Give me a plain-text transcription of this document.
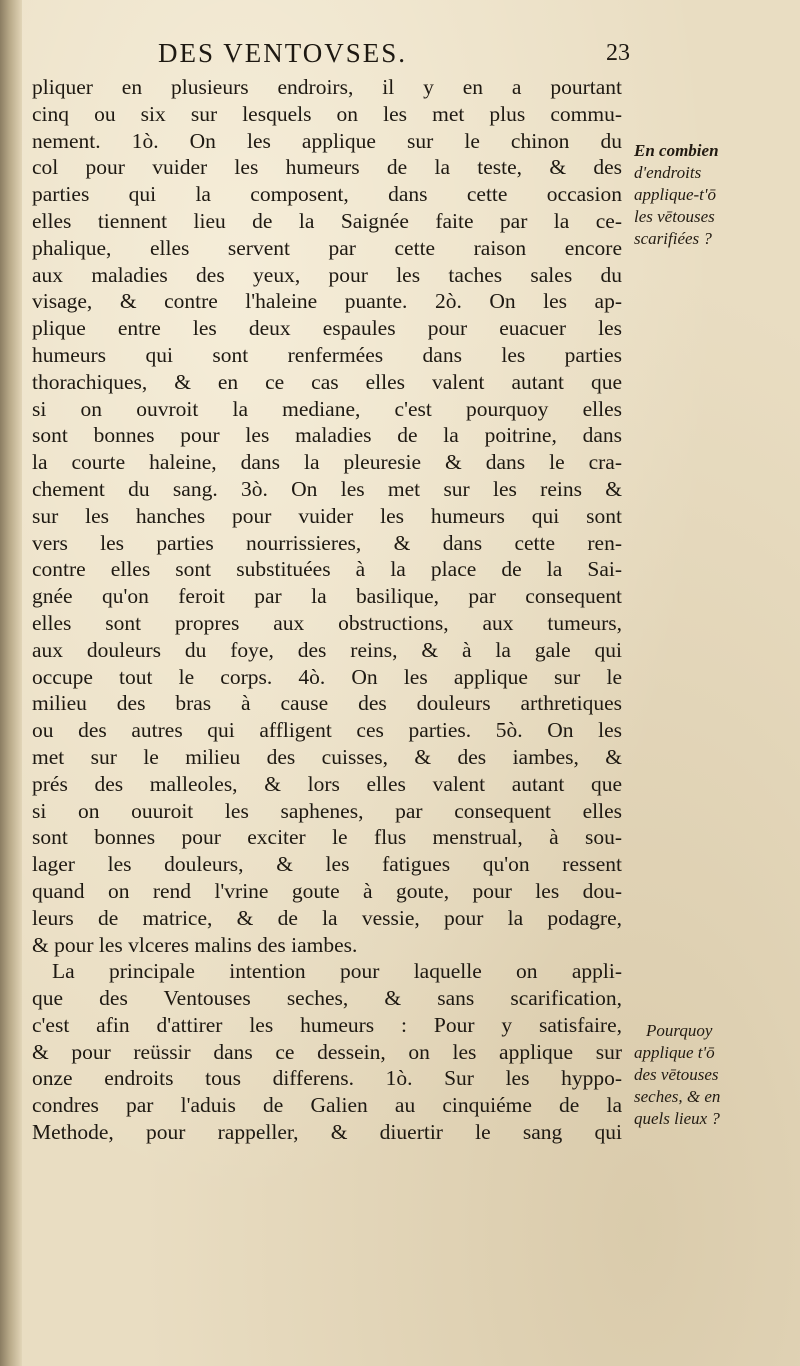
DES VENTOVSES.	23
pliquer en plusieurs endroirs, il y en a pourtant
cinq ou six sur lesquels on les met plus commu-
nement. 1ò. On les applique sur le chinon du
col pour vuider les humeurs de la teste, & des
parties qui la composent, dans cette occasion
elles tiennent lieu de la Saignée faite par la ce-
phalique, elles servent par cette raison encore
aux maladies des yeux, pour les taches sales du
visage, & contre l'haleine puante. 2ò. On les ap-
plique entre les deux espaules pour euacuer les
humeurs qui sont renfermées dans les parties
thorachiques, & en ce cas elles valent autant que
si on ouvroit la mediane, c'est pourquoy elles
sont bonnes pour les maladies de la poitrine, dans
la courte haleine, dans la pleuresie & dans le cra-
chement du sang. 3ò. On les met sur les reins &
sur les hanches pour vuider les humeurs qui sont
vers les parties nourrissieres, & dans cette ren-
contre elles sont substituées à la place de la Sai-
gnée qu'on feroit par la basilique, par consequent
elles sont propres aux obstructions, aux tumeurs,
aux douleurs du foye, des reins, & à la gale qui
occupe tout le corps. 4ò. On les applique sur le
milieu des bras à cause des douleurs arthretiques
ou des autres qui affligent ces parties. 5ò. On les
met sur le milieu des cuisses, & des iambes, &
prés des malleoles, & lors elles valent autant que
si on ouuroit les saphenes, par consequent elles
sont bonnes pour exciter le flus menstrual, à sou-
lager les douleurs, & les fatigues qu'on ressent
quand on rend l'vrine goute à goute, pour les dou-
leurs de matrice, & de la vessie, pour la podagre,
& pour les vlceres malins des iambes.
La principale intention pour laquelle on appli-
que des Ventouses seches, & sans scarification,
c'est afin d'attirer les humeurs : Pour y satisfaire,
& pour reüssir dans ce dessein, on les applique sur
onze endroits tous differens. 1ò. Sur les hyppo-
condres par l'aduis de Galien au cinquiéme de la
Methode, pour rappeller, & diuertir le sang qui
En combien
d'endroits
applique-t'ō
les vētouses
scarifiées ?
Pourquoy
applique t'ō
des vētouses
seches, & en
quels lieux ?
